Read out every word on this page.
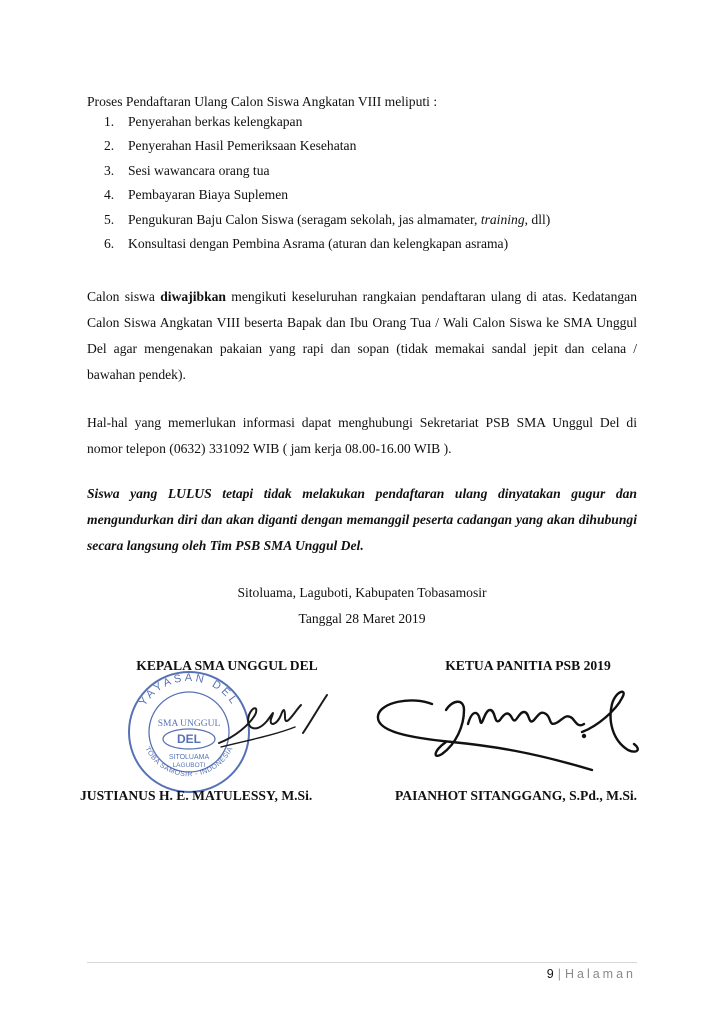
Proses Pendaftaran Ulang Calon Siswa Angkatan VIII meliputi :
1.	Penyerahan berkas kelengkapan
2.	Penyerahan Hasil Pemeriksaan Kesehatan
3.	Sesi wawancara orang tua
4.	Pembayaran Biaya Suplemen
5.	Pengukuran Baju Calon Siswa (seragam sekolah, jas almamater, training, dll)
6.	Konsultasi dengan Pembina Asrama (aturan dan kelengkapan asrama)

Calon siswa diwajibkan mengikuti keseluruhan rangkaian pendaftaran ulang di atas. Kedatangan Calon Siswa Angkatan VIII beserta Bapak dan Ibu Orang Tua / Wali Calon Siswa ke SMA Unggul Del agar mengenakan pakaian yang rapi dan sopan (tidak memakai sandal jepit dan celana / bawahan pendek).

Hal-hal yang memerlukan informasi dapat menghubungi Sekretariat PSB SMA Unggul Del di nomor telepon (0632) 331092 WIB ( jam kerja 08.00-16.00 WIB ).

Siswa yang LULUS tetapi tidak melakukan pendaftaran ulang dinyatakan gugur dan mengundurkan diri dan akan diganti dengan memanggil peserta cadangan yang akan dihubungi secara langsung oleh Tim PSB SMA Unggul Del.

Sitoluama, Laguboti, Kabupaten Tobasamosir
Tanggal 28 Maret 2019
KEPALA SMA UNGGUL DEL	KETUA PANITIA PSB 2019
YAYASAN DEL
TOBA SAMOSIR - INDONESIA
SMA UNGGUL
DEL
SITOLUAMA
LAGUBOTI
JUSTIANUS H. E. MATULESSY, M.Si.	PAIANHOT SITANGGANG, S.Pd., M.Si.
9 | Halaman
